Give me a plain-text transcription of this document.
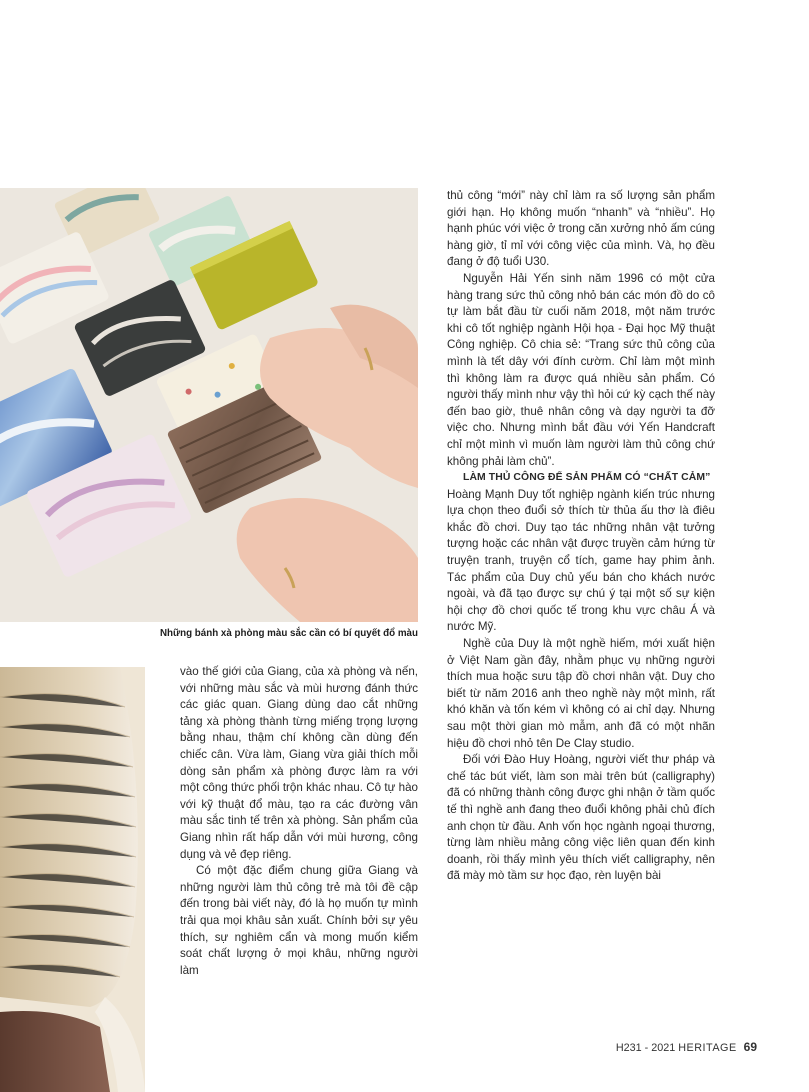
Những bánh xà phòng màu sắc cần có bí quyết đổ màu

thủ công “mới” này chỉ làm ra số lượng sản phẩm giới hạn. Họ không muốn “nhanh” và “nhiều”. Họ hạnh phúc với việc ở trong căn xưởng nhỏ ấm cúng hàng giờ, tỉ mỉ với công việc của mình. Và, họ đều đang ở độ tuổi U30.

Nguyễn Hải Yến sinh năm 1996 có một cửa hàng trang sức thủ công nhỏ bán các món đồ do cô tự làm bắt đầu từ cuối năm 2018, một năm trước khi cô tốt nghiệp ngành Hội họa - Đại học Mỹ thuật Công nghiệp. Cô chia sẻ: “Trang sức thủ công của mình là tết dây với đính cườm. Chỉ làm một mình thì không làm ra được quá nhiều sản phẩm. Có người thấy mình như vậy thì hỏi cứ kỳ cạch thế này đến bao giờ, thuê nhân công và dạy người ta đỡ việc cho. Nhưng mình bắt đầu với Yến Handcraft chỉ một mình vì muốn làm người làm thủ công chứ không phải làm chủ”.

LÀM THỦ CÔNG ĐỂ SẢN PHẨM CÓ “CHẤT CẢM”

Hoàng Mạnh Duy tốt nghiệp ngành kiến trúc nhưng lựa chọn theo đuổi sở thích từ thủa ấu thơ là điêu khắc đồ chơi. Duy tạo tác những nhân vật tưởng tượng hoặc các nhân vật được truyền cảm hứng từ truyện tranh, truyện cổ tích, game hay phim ảnh. Tác phẩm của Duy chủ yếu bán cho khách nước ngoài, và đã tạo được sự chú ý tại một số sự kiện hội chợ đồ chơi quốc tế trong khu vực châu Á và nước Mỹ.

Nghề của Duy là một nghề hiếm, mới xuất hiện ở Việt Nam gần đây, nhằm phục vụ những người thích mua hoặc sưu tập đồ chơi nhân vật. Duy cho biết từ năm 2016 anh theo nghề này một mình, rất khó khăn và tốn kém vì không có ai chỉ dạy. Nhưng sau một thời gian mò mẫm, anh đã có một nhãn hiệu đồ chơi nhỏ tên De Clay studio.

Đối với Đào Huy Hoàng, người viết thư pháp và chế tác bút viết, làm son mài trên bút (calligraphy) đã có những thành công được ghi nhận ở tầm quốc tế thì nghề anh đang theo đuổi không phải chủ đích anh chọn từ đầu. Anh vốn học ngành ngoại thương, từng làm nhiều mảng công việc liên quan đến kinh doanh, rồi thấy mình yêu thích viết calligraphy, nên đã mày mò tầm sư học đạo, rèn luyện bài

vào thế giới của Giang, của xà phòng và nến, với những màu sắc và mùi hương đánh thức các giác quan. Giang dùng dao cắt những tảng xà phòng thành từng miếng trọng lượng bằng nhau, thậm chí không cần dùng đến chiếc cân. Vừa làm, Giang vừa giải thích mỗi dòng sản phẩm xà phòng được làm ra với một công thức phối trộn khác nhau. Cô tự hào với kỹ thuật đổ màu, tạo ra các đường vân màu sắc tinh tế trên xà phòng. Sản phẩm của Giang nhìn rất hấp dẫn với mùi hương, công dụng và vẻ đẹp riêng.

Có một đặc điểm chung giữa Giang và những người làm thủ công trẻ mà tôi đề cập đến trong bài viết này, đó là họ muốn tự mình trải qua mọi khâu sản xuất. Chính bởi sự yêu thích, sự nghiêm cẩn và mong muốn kiểm soát chất lượng ở mọi khâu, những người làm

H231 - 2021 HERITAGE 69
